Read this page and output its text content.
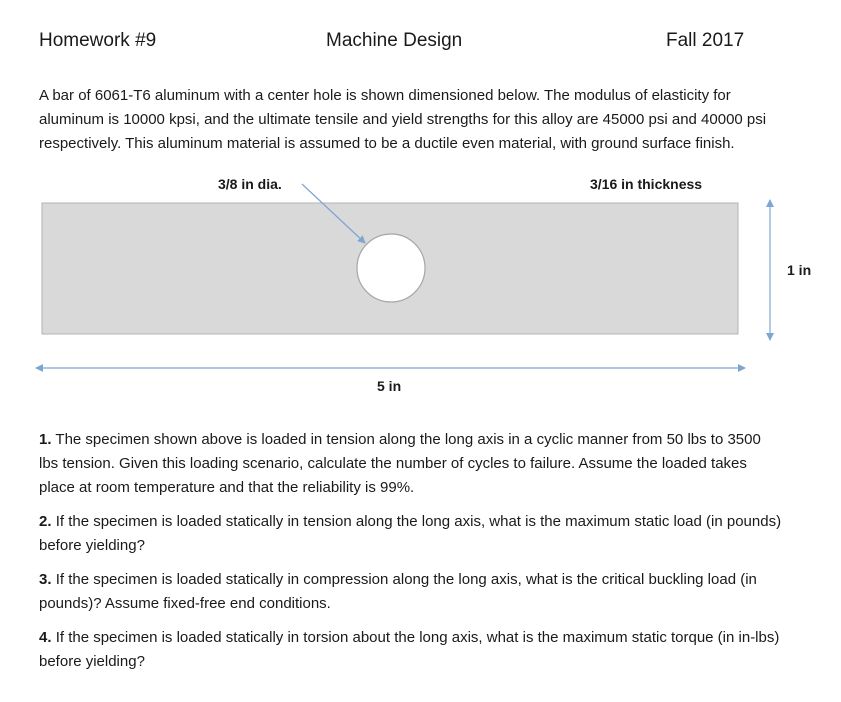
Homework #9	Machine Design	Fall 2017
A bar of 6061-T6 aluminum with a center hole is shown dimensioned below. The modulus of elasticity for aluminum is 10000 kpsi, and the ultimate tensile and yield strengths for this alloy are 45000 psi and 40000 psi respectively. This aluminum material is assumed to be a ductile even material, with ground surface finish.
3/8 in dia.	3/16 in thickness
1 in
5 in

1. The specimen shown above is loaded in tension along the long axis in a cyclic manner from 50 lbs to 3500 lbs tension. Given this loading scenario, calculate the number of cycles to failure. Assume the loaded takes place at room temperature and that the reliability is 99%.

2. If the specimen is loaded statically in tension along the long axis, what is the maximum static load (in pounds) before yielding?

3. If the specimen is loaded statically in compression along the long axis, what is the critical buckling load (in pounds)? Assume fixed-free end conditions.

4. If the specimen is loaded statically in torsion about the long axis, what is the maximum static torque (in in-lbs) before yielding?
